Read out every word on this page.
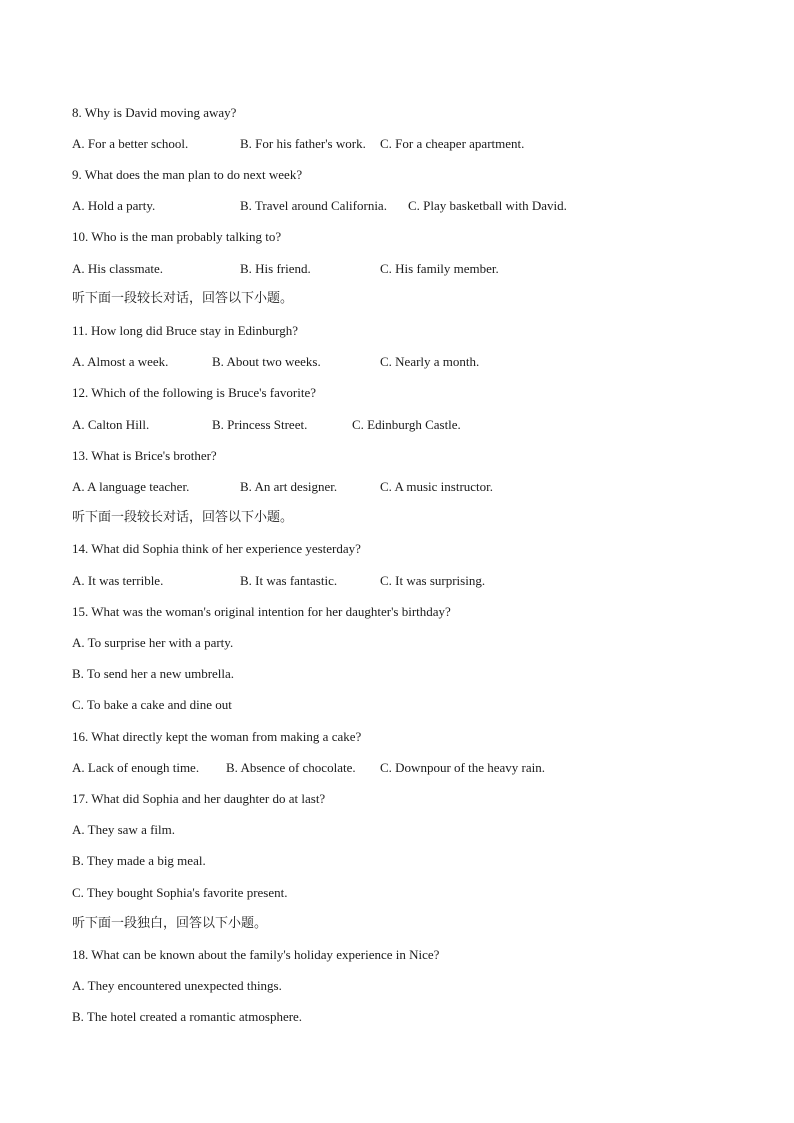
8. Why is David moving away?
A. For a better school.	B. For his father's work. C. For a cheaper apartment.
9. What does the man plan to do next week?
A. Hold a party.	B. Travel around California. C. Play basketball with David.
10. Who is the man probably talking to?
A. His classmate.	B. His friend.	C. His family member.
听下面一段较长对话，回答以下小题。
11. How long did Bruce stay in Edinburgh?
A. Almost a week.	B. About two weeks.	C. Nearly a month.
12. Which of the following is Bruce's favorite?
A. Calton Hill.	B. Princess Street.	C. Edinburgh Castle.
13. What is Brice's brother?
A. A language teacher.	B. An art designer.	C. A music instructor.
听下面一段较长对话，回答以下小题。
14. What did Sophia think of her experience yesterday?
A. It was terrible.	B. It was fantastic.	C. It was surprising.
15. What was the woman's original intention for her daughter's birthday?
A. To surprise her with a party.
B. To send her a new umbrella.
C. To bake a cake and dine out
16. What directly kept the woman from making a cake?
A. Lack of enough time. B. Absence of chocolate. C. Downpour of the heavy rain.
17. What did Sophia and her daughter do at last?
A. They saw a film.
B. They made a big meal.
C. They bought Sophia's favorite present.
听下面一段独白，回答以下小题。
18. What can be known about the family's holiday experience in Nice?
A. They encountered unexpected things.
B. The hotel created a romantic atmosphere.
